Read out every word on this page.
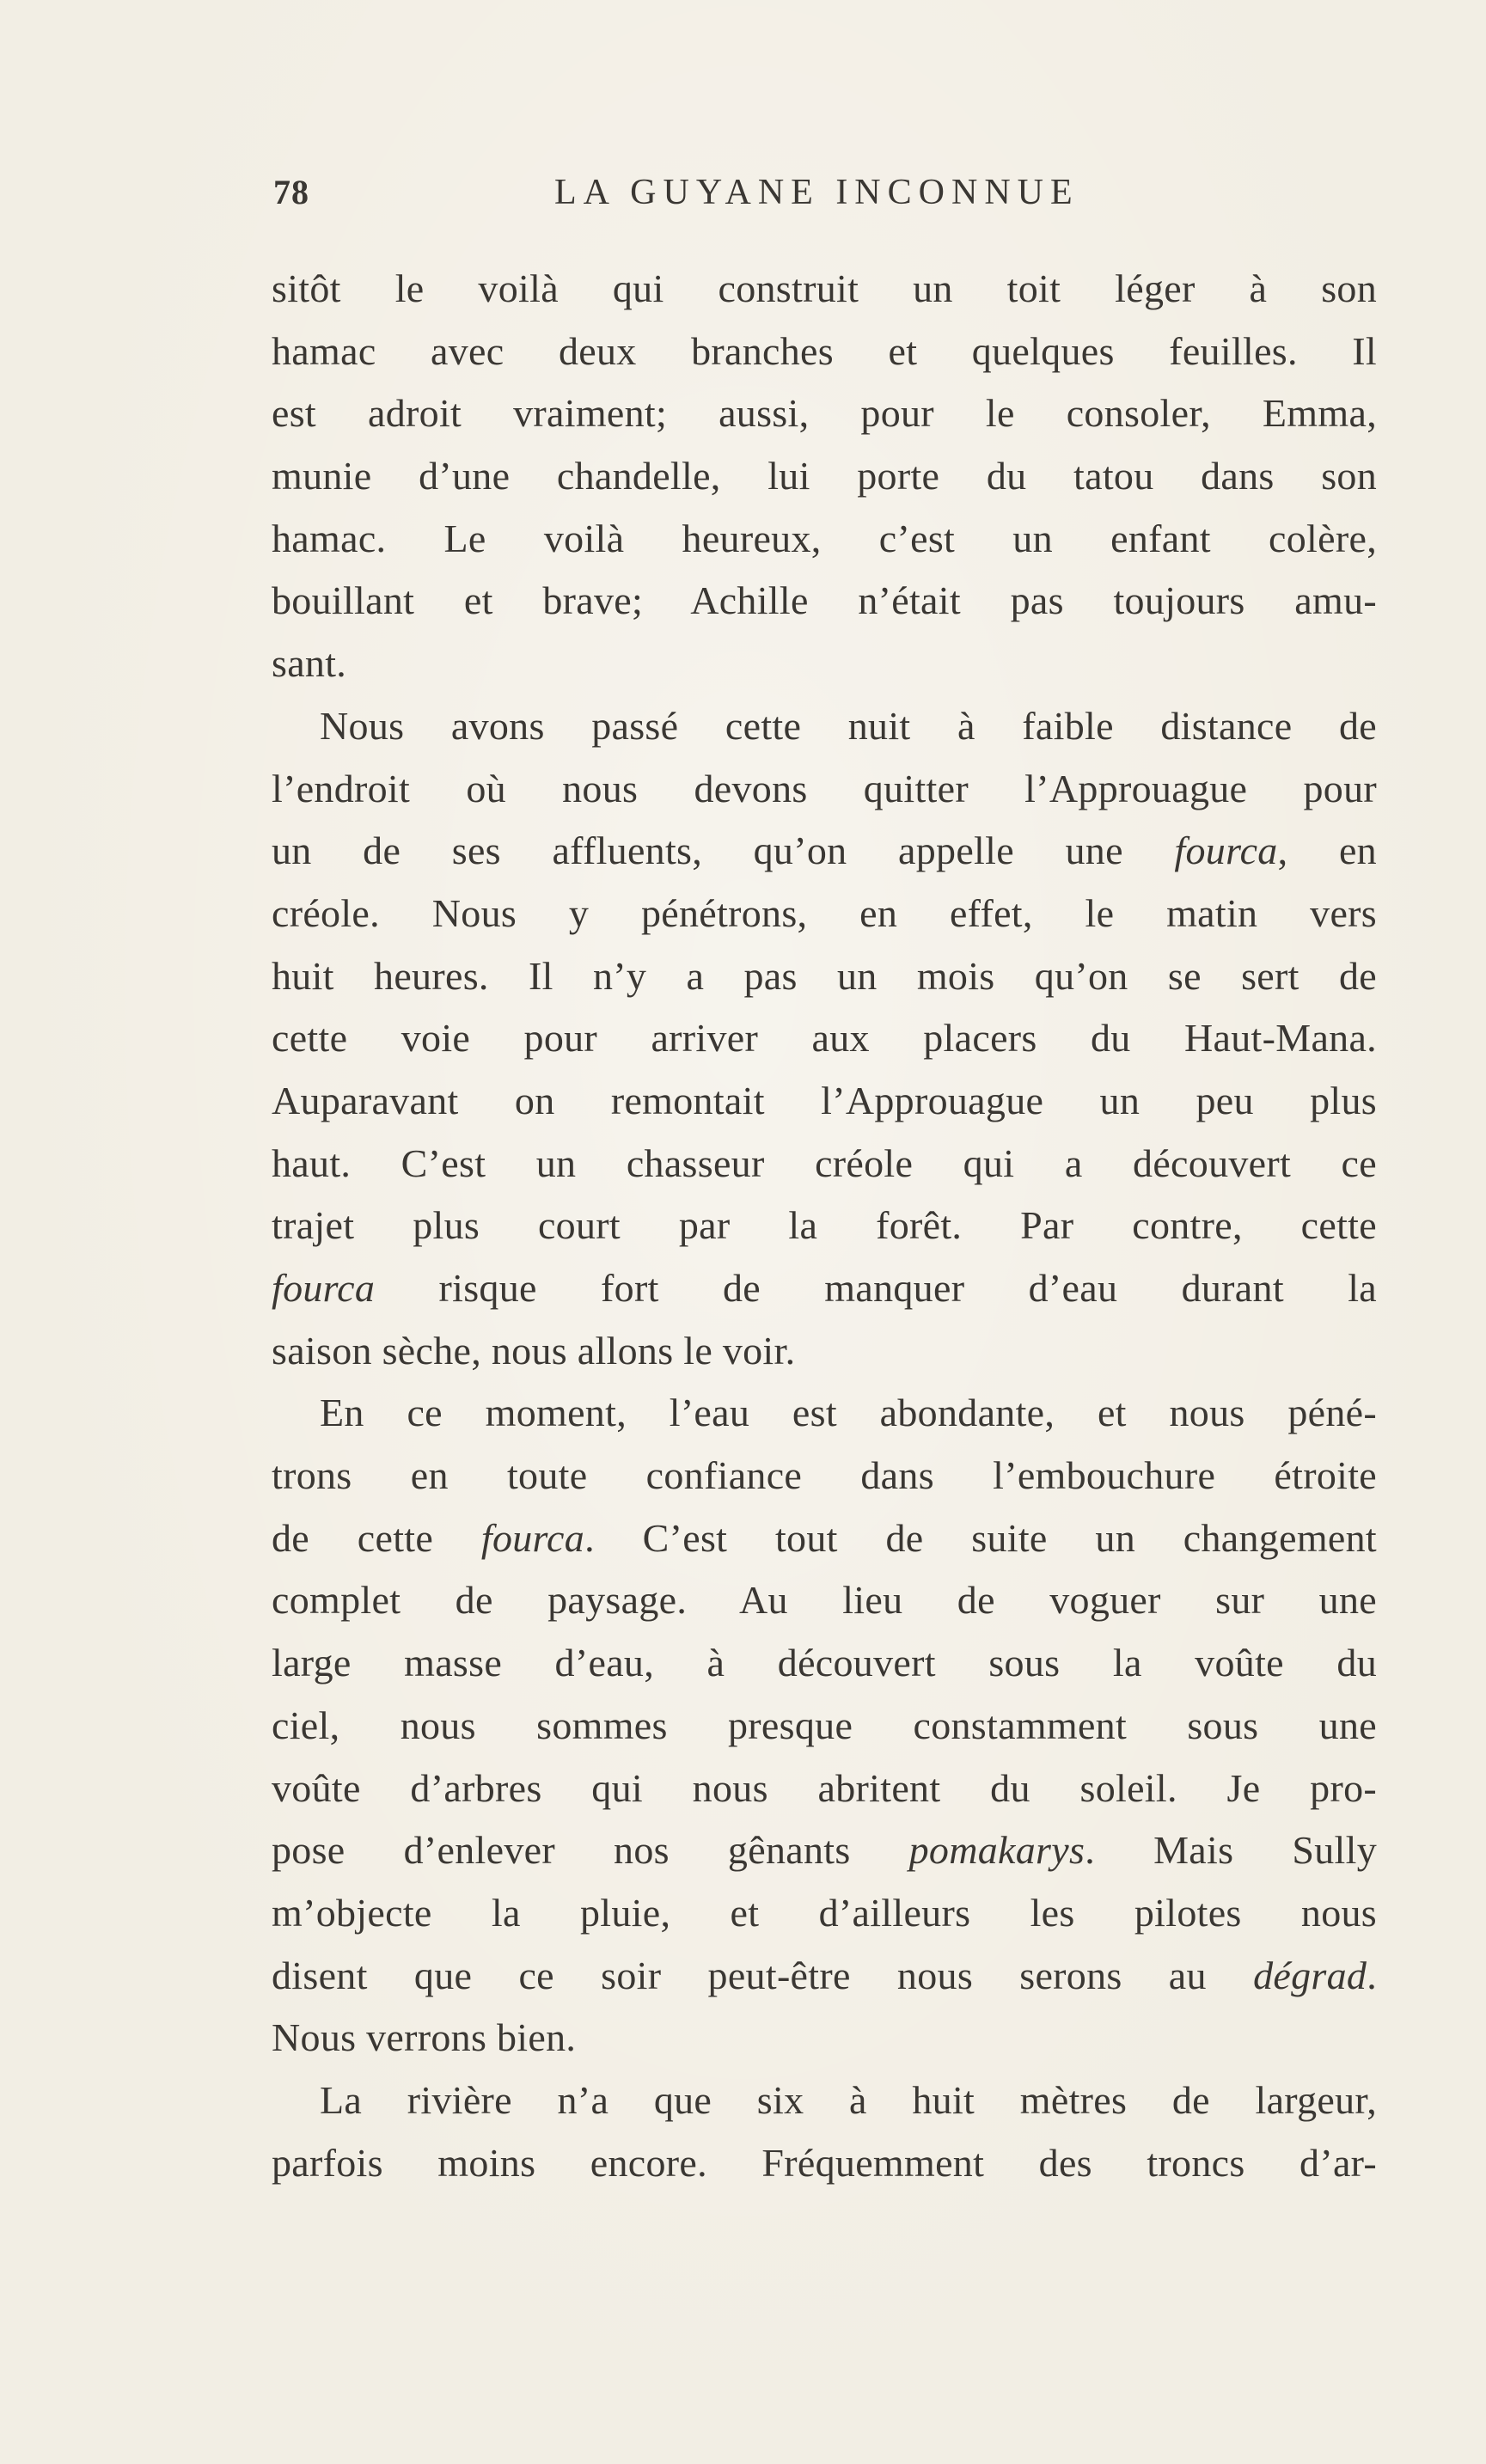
78	LA GUYANE INCONNUE
sitôt le voilà qui construit un toit léger à son
hamac avec deux branches et quelques feuilles. Il
est adroit vraiment; aussi, pour le consoler, Emma,
munie d’une chandelle, lui porte du tatou dans son
hamac. Le voilà heureux, c’est un enfant colère,
bouillant et brave; Achille n’était pas toujours amu-
sant.
Nous avons passé cette nuit à faible distance de
l’endroit où nous devons quitter l’Approuague pour
un de ses affluents, qu’on appelle une fourca, en
créole. Nous y pénétrons, en effet, le matin vers
huit heures. Il n’y a pas un mois qu’on se sert de
cette voie pour arriver aux placers du Haut-Mana.
Auparavant on remontait l’Approuague un peu plus
haut. C’est un chasseur créole qui a découvert ce
trajet plus court par la forêt. Par contre, cette
fourca risque fort de manquer d’eau durant la
saison sèche, nous allons le voir.
En ce moment, l’eau est abondante, et nous péné-
trons en toute confiance dans l’embouchure étroite
de cette fourca. C’est tout de suite un changement
complet de paysage. Au lieu de voguer sur une
large masse d’eau, à découvert sous la voûte du
ciel, nous sommes presque constamment sous une
voûte d’arbres qui nous abritent du soleil. Je pro-
pose d’enlever nos gênants pomakarys. Mais Sully
m’objecte la pluie, et d’ailleurs les pilotes nous
disent que ce soir peut-être nous serons au dégrad.
Nous verrons bien.
La rivière n’a que six à huit mètres de largeur,
parfois moins encore. Fréquemment des troncs d’ar-
